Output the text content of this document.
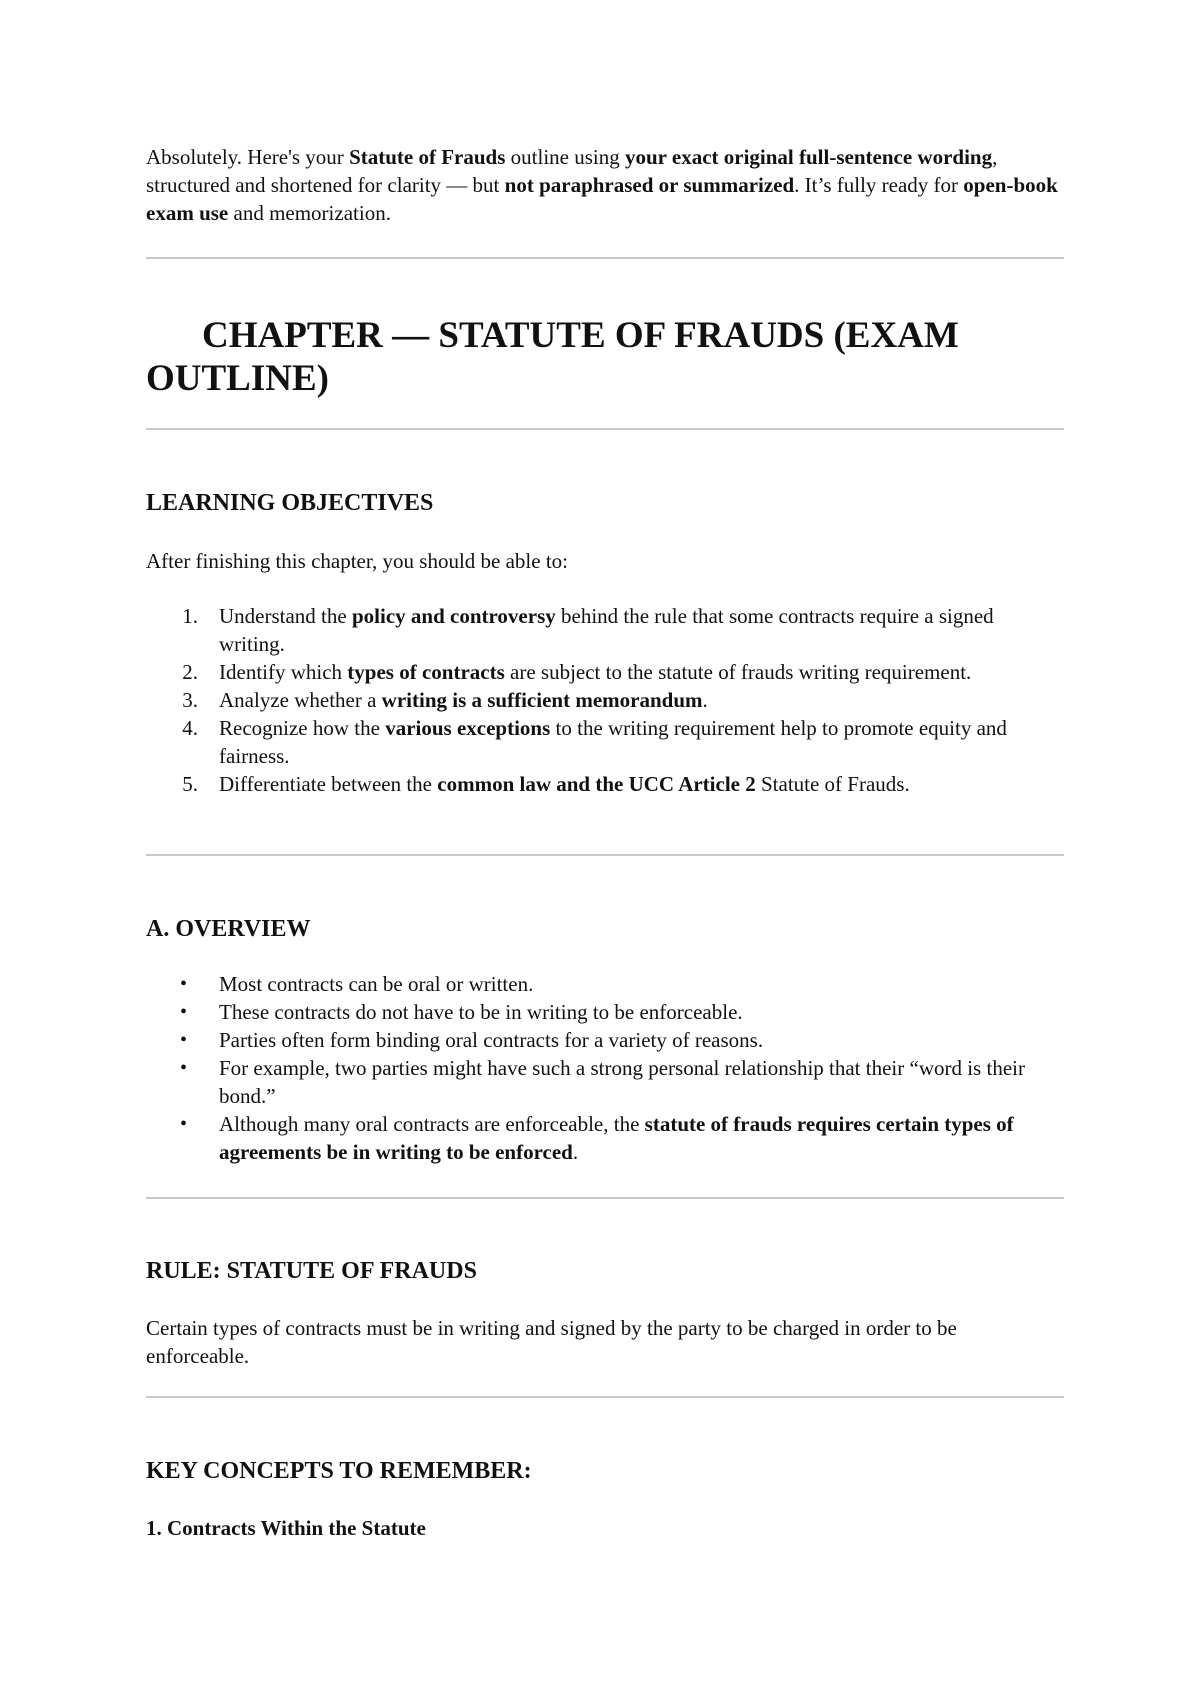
Absolutely. Here's your Statute of Frauds outline using your exact original full-sentence wording, structured and shortened for clarity — but not paraphrased or summarized. It’s fully ready for open-book exam use and memorization.

CHAPTER — STATUTE OF FRAUDS (EXAM OUTLINE)
LEARNING OBJECTIVES

After finishing this chapter, you should be able to:

1. Understand the policy and controversy behind the rule that some contracts require a signed writing.
2. Identify which types of contracts are subject to the statute of frauds writing requirement.
3. Analyze whether a writing is a sufficient memorandum.
4. Recognize how the various exceptions to the writing requirement help to promote equity and fairness.
5. Differentiate between the common law and the UCC Article 2 Statute of Frauds.
A. OVERVIEW
• Most contracts can be oral or written.
• These contracts do not have to be in writing to be enforceable.
• Parties often form binding oral contracts for a variety of reasons.
• For example, two parties might have such a strong personal relationship that their “word is their bond.”
• Although many oral contracts are enforceable, the statute of frauds requires certain types of agreements be in writing to be enforced.
RULE: STATUTE OF FRAUDS

Certain types of contracts must be in writing and signed by the party to be charged in order to be enforceable.

KEY CONCEPTS TO REMEMBER:
1. Contracts Within the Statute
